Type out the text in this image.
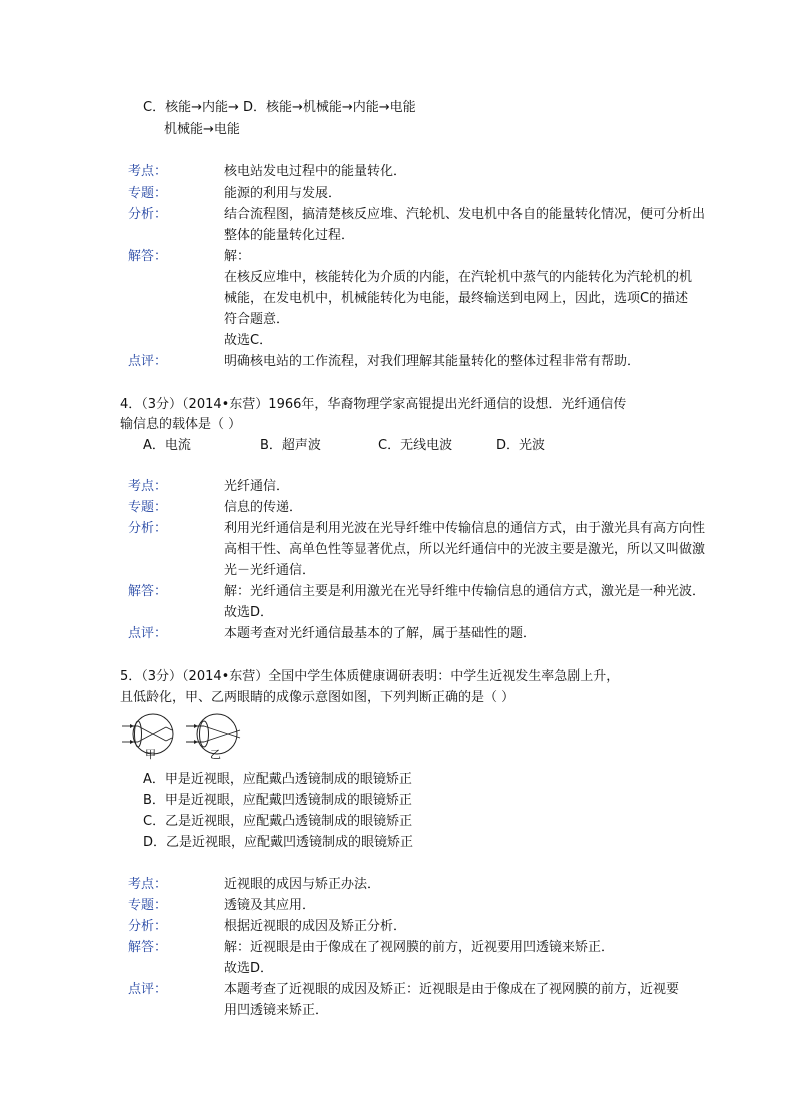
C．核能→内能→ D．核能→机械能→内能→电能
机械能→电能
考点：	核电站发电过程中的能量转化．
专题：	能源的利用与发展．
分析：	结合流程图，搞清楚核反应堆、汽轮机、发电机中各自的能量转化情况，便可分析出
整体的能量转化过程．
解答：	解：
在核反应堆中，核能转化为介质的内能，在汽轮机中蒸气的内能转化为汽轮机的机
械能，在发电机中，机械能转化为电能，最终输送到电网上，因此，选项C的描述
符合题意．
故选C．
点评：	明确核电站的工作流程，对我们理解其能量转化的整体过程非常有帮助．
4．（3分）（2014•东营）1966年，华裔物理学家高锟提出光纤通信的设想．光纤通信传
输信息的载体是（ ）
A．电流	B．超声波	C．无线电波	D．光波
考点：	光纤通信．
专题：	信息的传递．
分析：	利用光纤通信是利用光波在光导纤维中传输信息的通信方式，由于激光具有高方向性
高相干性、高单色性等显著优点，所以光纤通信中的光波主要是激光，所以又叫做激
光－光纤通信．
解答：	解：光纤通信主要是利用激光在光导纤维中传输信息的通信方式，激光是一种光波．
故选D．
点评：	本题考查对光纤通信最基本的了解，属于基础性的题．
5．（3分）（2014•东营）全国中学生体质健康调研表明：中学生近视发生率急剧上升，
且低龄化，甲、乙两眼睛的成像示意图如图，下列判断正确的是（ ）
甲	乙
A．甲是近视眼，应配戴凸透镜制成的眼镜矫正
B．甲是近视眼，应配戴凹透镜制成的眼镜矫正
C．乙是近视眼，应配戴凸透镜制成的眼镜矫正
D．乙是近视眼，应配戴凹透镜制成的眼镜矫正
考点：	近视眼的成因与矫正办法．
专题：	透镜及其应用．
分析：	根据近视眼的成因及矫正分析．
解答：	解：近视眼是由于像成在了视网膜的前方，近视要用凹透镜来矫正．
故选D．
点评：	本题考查了近视眼的成因及矫正：近视眼是由于像成在了视网膜的前方，近视要
用凹透镜来矫正．
